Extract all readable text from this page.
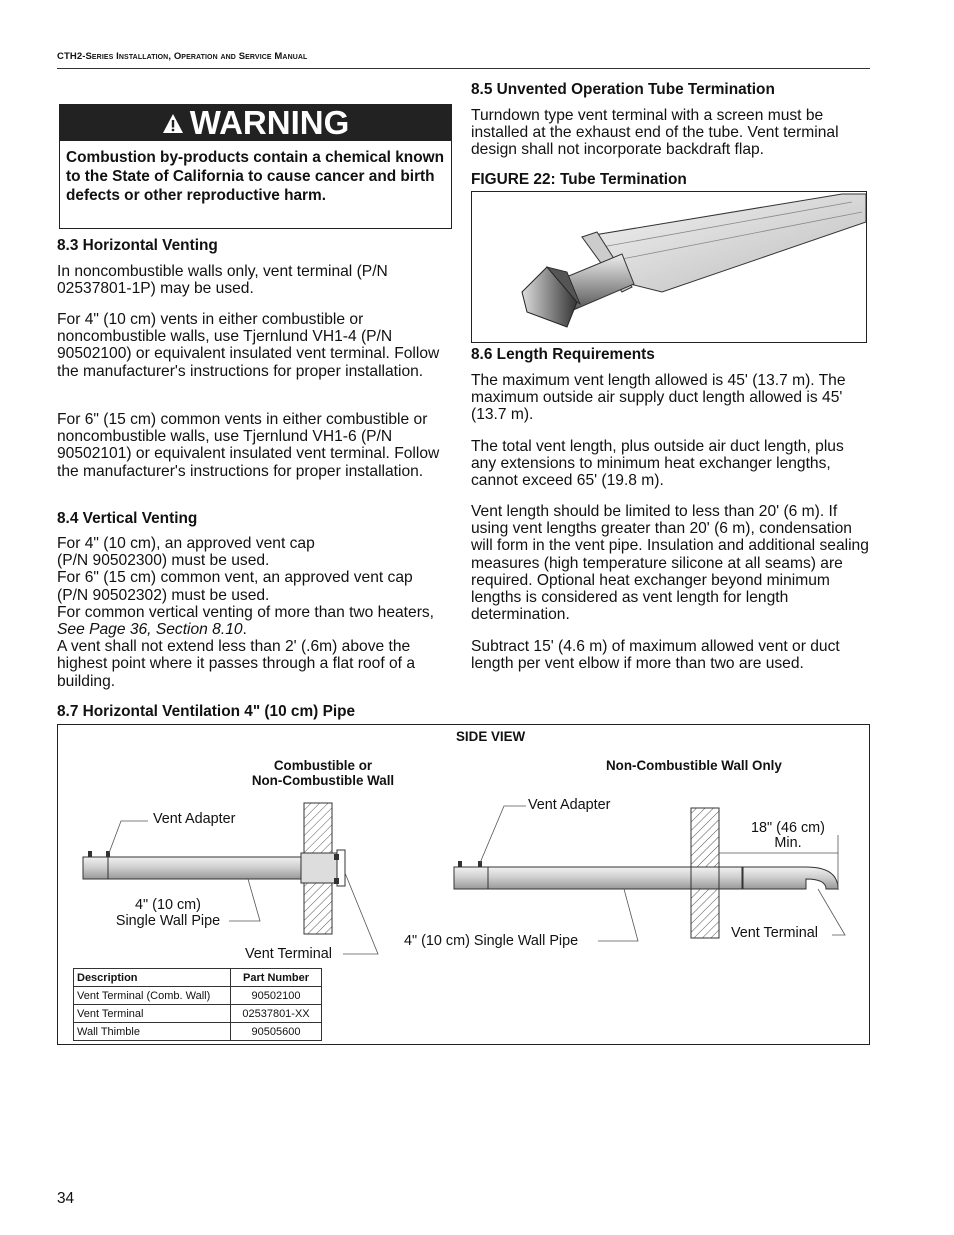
CTH2-Series Installation, Operation and Service Manual
WARNING
Combustion by-products contain a chemical known to the State of California to cause cancer and birth defects or other reproductive harm.
8.3 Horizontal Venting
In noncombustible walls only, vent terminal (P/N 02537801-1P) may be used.
For 4" (10 cm) vents in either combustible or noncombustible walls, use Tjernlund VH1-4 (P/N 90502100) or equivalent insulated vent terminal. Follow the manufacturer's instructions for proper installation.
For 6" (15 cm) common vents in either combustible or noncombustible walls, use Tjernlund VH1-6 (P/N 90502101) or equivalent insulated vent terminal. Follow the manufacturer's instructions for proper installation.
8.4 Vertical Venting
For 4" (10 cm), an approved vent cap
(P/N 90502300) must be used.
For 6" (15 cm) common vent, an approved vent cap
(P/N 90502302) must be used.
For common vertical venting of more than two heaters, See Page 36, Section 8.10.
A vent shall not extend less than 2' (.6m) above the highest point where it passes through a flat roof of a building.
8.5 Unvented Operation Tube Termination
Turndown type vent terminal with a screen must be installed at the exhaust end of the tube. Vent terminal design shall not incorporate backdraft flap.
FIGURE 22: Tube Termination
8.6 Length Requirements
The maximum vent length allowed is 45' (13.7 m). The maximum outside air supply duct length allowed is 45' (13.7 m).
The total vent length, plus outside air duct length, plus any extensions to minimum heat exchanger lengths, cannot exceed 65' (19.8 m).
Vent length should be limited to less than 20' (6 m). If using vent lengths greater than 20' (6 m), condensation will form in the vent pipe. Insulation and additional sealing measures (high temperature silicone at all seams) are required. Optional heat exchanger beyond minimum lengths is considered as vent length for length determination.
Subtract 15' (4.6 m) of maximum allowed vent or duct length per vent elbow if more than two are used.
8.7 Horizontal Ventilation 4" (10 cm) Pipe
SIDE VIEW
Combustible or
Non-Combustible Wall
Non-Combustible Wall Only
Vent Adapter
4" (10 cm)
Single Wall Pipe
Vent Terminal
Vent Adapter
18" (46 cm)
Min.
4" (10 cm) Single Wall Pipe	Vent Terminal
Description	Part Number
Vent Terminal (Comb. Wall)	90502100
Vent Terminal	02537801-XX
Wall Thimble	90505600
34
